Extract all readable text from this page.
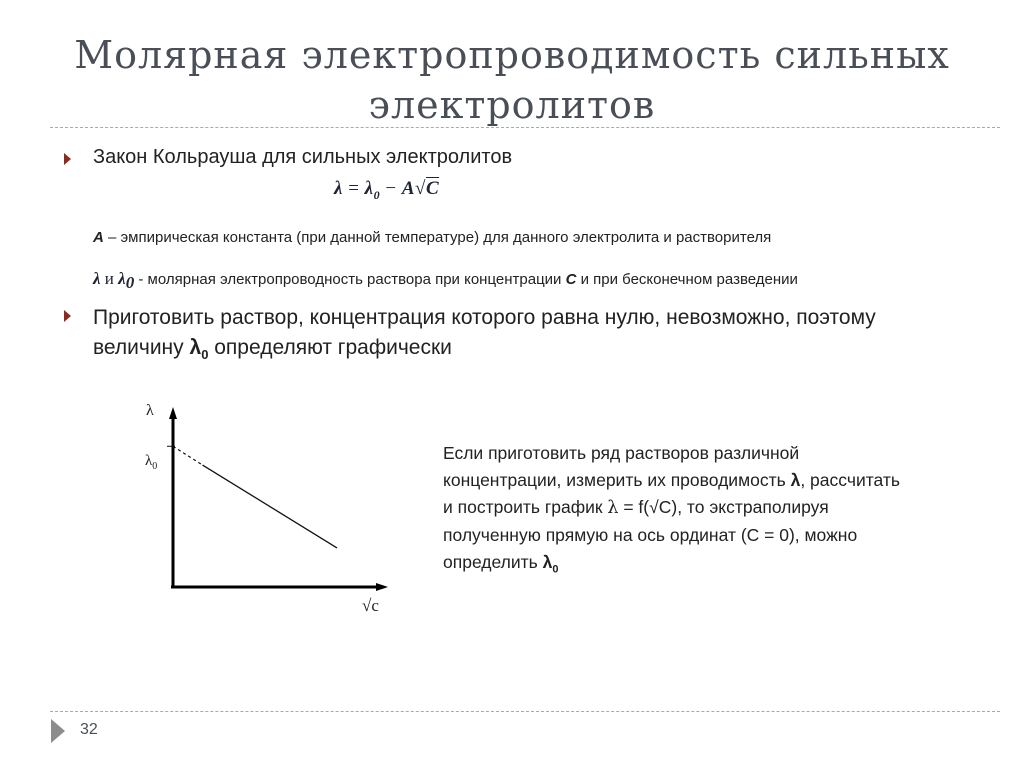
Молярная электропроводимость сильных электролитов
Закон Кольрауша для сильных электролитов
$\lambda = \lambda_0 - A√C$
A – эмпирическая константа (при данной температуре) для данного электролита и растворителя
λ и $\lambda_0$ - молярная электропроводность раствора при концентрации C и при бесконечном разведении
Приготовить раствор, концентрация которого равна нулю, невозможно, поэтому величину $\lambda_0$ определяют графически
λ
$\lambda_0$
√c
Если приготовить ряд растворов различной концентрации, измерить их проводимость λ, рассчитать и построить график λ = f(√C), то экстраполируя полученную прямую на ось ординат (C = 0), можно определить $\lambda_0$
32
